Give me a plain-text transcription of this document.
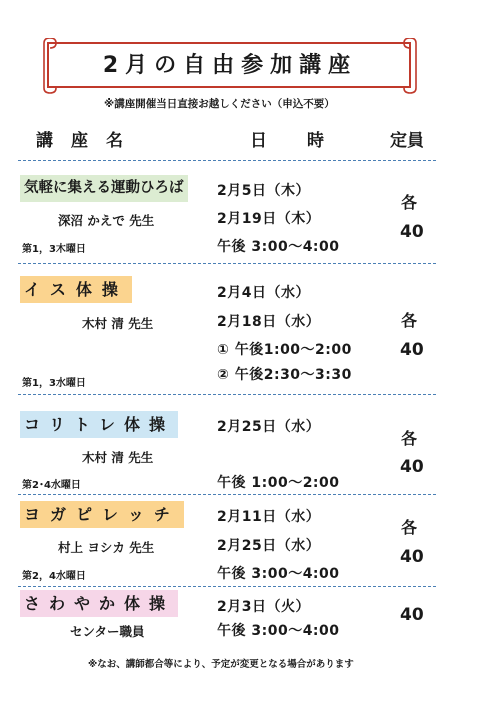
2月の自由参加講座
※講座開催当日直接お越しください（申込不要）
講座名	日時 定員
気軽に集える運動ひろば
深沼 かえで 先生
第1，3木曜日
2月5日（木）
2月19日（木）
午後 3:00〜4:00
各
40
イス体操
木村 清 先生
第1，3水曜日
2月4日（水）
2月18日（水）
① 午後1:00〜2:00
② 午後2:30〜3:30
各
40
コリトレ体操
木村 清 先生
第2･4水曜日
2月25日（水）
午後 1:00〜2:00
各
40
ヨガピレッチ
村上 ヨシカ 先生
第2，4水曜日
2月11日（水）
2月25日（水）
午後 3:00〜4:00
各
40
さわやか体操
センター職員
2月3日（火）
午後 3:00〜4:00
40
※なお、講師都合等により、予定が変更となる場合があります
